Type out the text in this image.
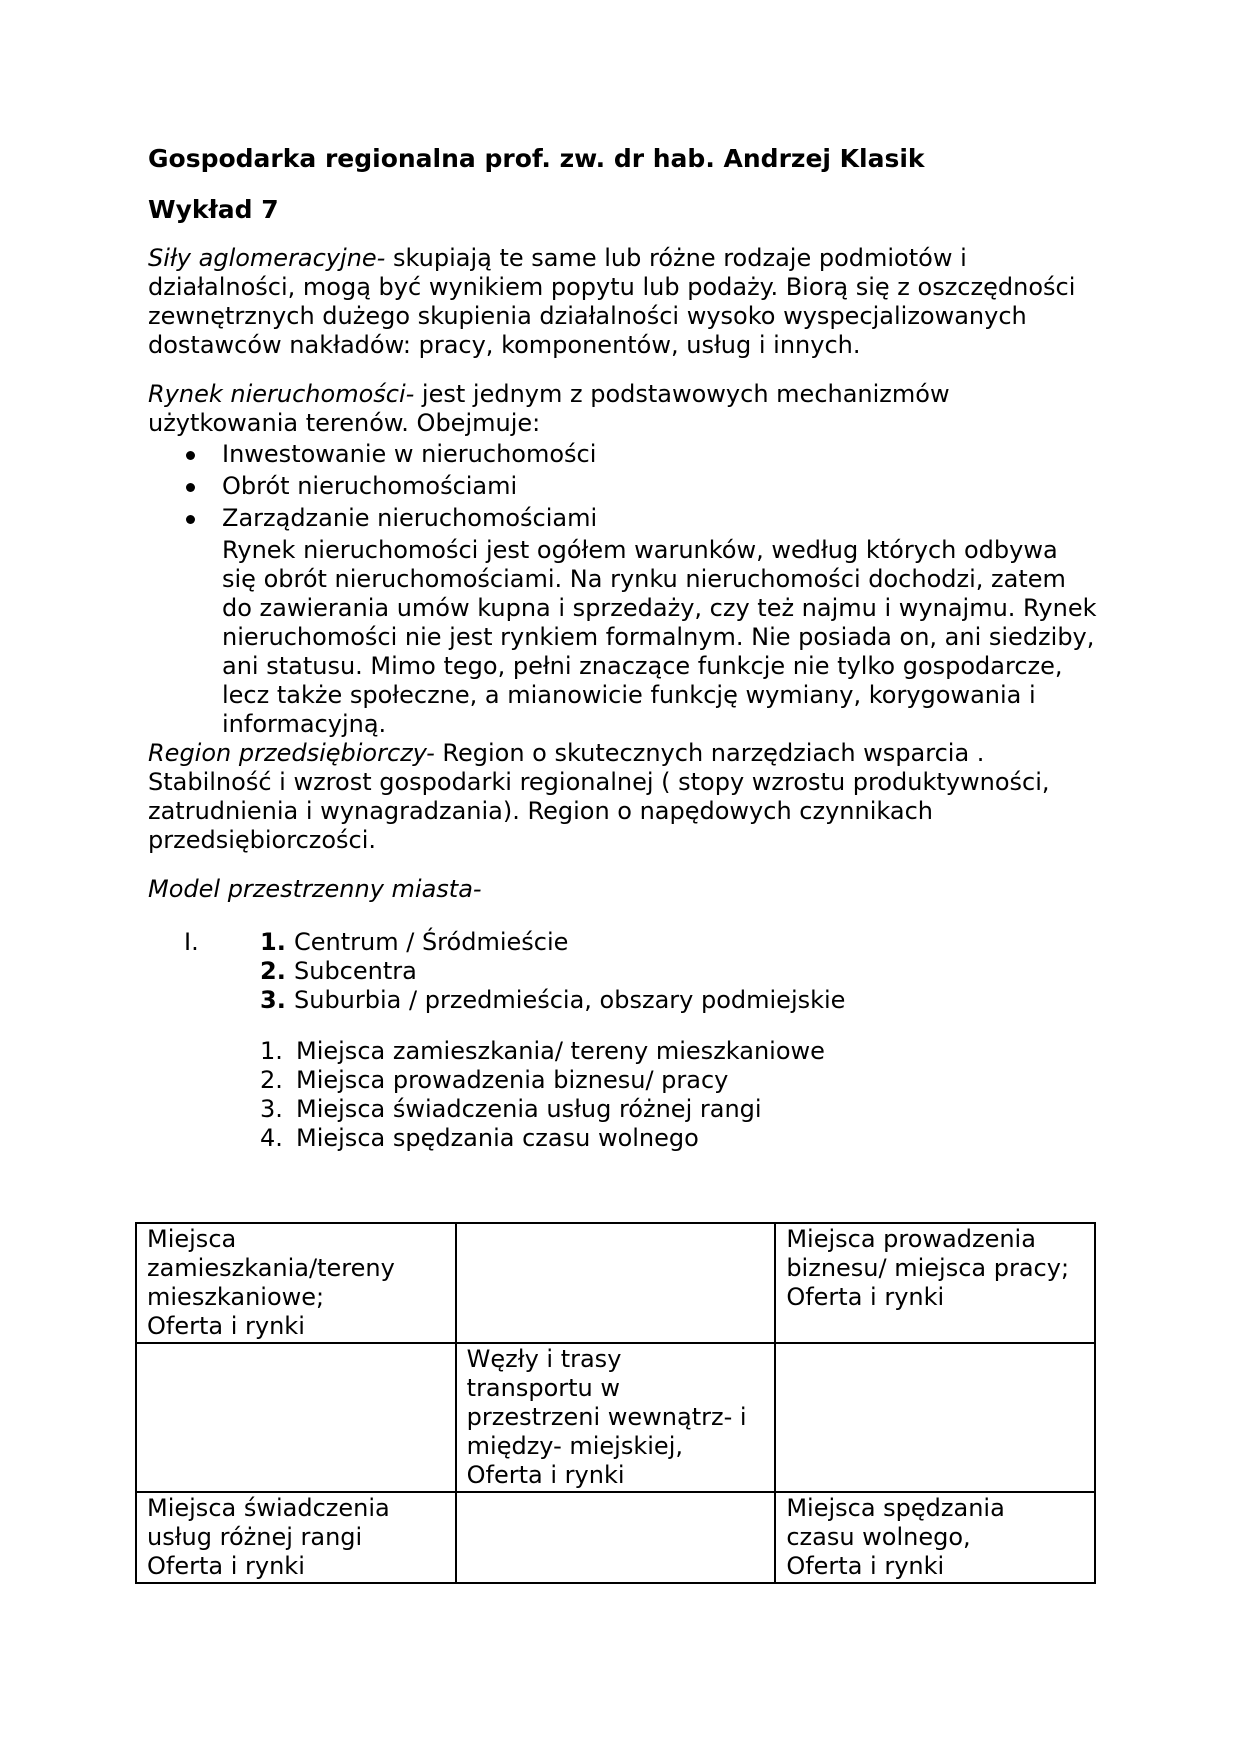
Gospodarka regionalna prof. zw. dr hab. Andrzej Klasik

Wykład 7

Siły aglomeracyjne- skupiają te same lub różne rodzaje podmiotów i działalności, mogą być wynikiem popytu lub podaży. Biorą się z oszczędności zewnętrznych dużego skupienia działalności wysoko wyspecjalizowanych dostawców nakładów: pracy, komponentów, usług i innych.

Rynek nieruchomości- jest jednym z podstawowych mechanizmów użytkowania terenów. Obejmuje:

Inwestowanie w nieruchomości
Obrót nieruchomościami
Zarządzanie nieruchomościami

Rynek nieruchomości jest ogółem warunków, według których odbywa się obrót nieruchomościami. Na rynku nieruchomości dochodzi, zatem do zawierania umów kupna i sprzedaży, czy też najmu i wynajmu. Rynek nieruchomości nie jest rynkiem formalnym. Nie posiada on, ani siedziby, ani statusu. Mimo tego, pełni znaczące funkcje nie tylko gospodarcze, lecz także społeczne, a mianowicie funkcję wymiany, korygowania i informacyjną.

Region przedsiębiorczy- Region o skutecznych narzędziach wsparcia . Stabilność i wzrost gospodarki regionalnej ( stopy wzrostu produktywności, zatrudnienia i wynagradzania). Region o napędowych czynnikach przedsiębiorczości.

Model przestrzenny miasta-

I.	1. Centrum / Śródmieście
2. Subcentra
3. Suburbia / przedmieścia, obszary podmiejskie
1. Miejsca zamieszkania/ tereny mieszkaniowe
2. Miejsca prowadzenia biznesu/ pracy
3. Miejsca świadczenia usług różnej rangi
4. Miejsca spędzania czasu wolnego
Miejsca
zamieszkania/tereny
mieszkaniowe;
Oferta i rynki		Miejsca prowadzenia
biznesu/ miejsca pracy;
Oferta i rynki

	Węzły i trasy
transportu w
przestrzeni wewnątrz- i
między- miejskiej,
Oferta i rynki	

Miejsca świadczenia
usług różnej rangi
Oferta i rynki		Miejsca spędzania
czasu wolnego,
Oferta i rynki
